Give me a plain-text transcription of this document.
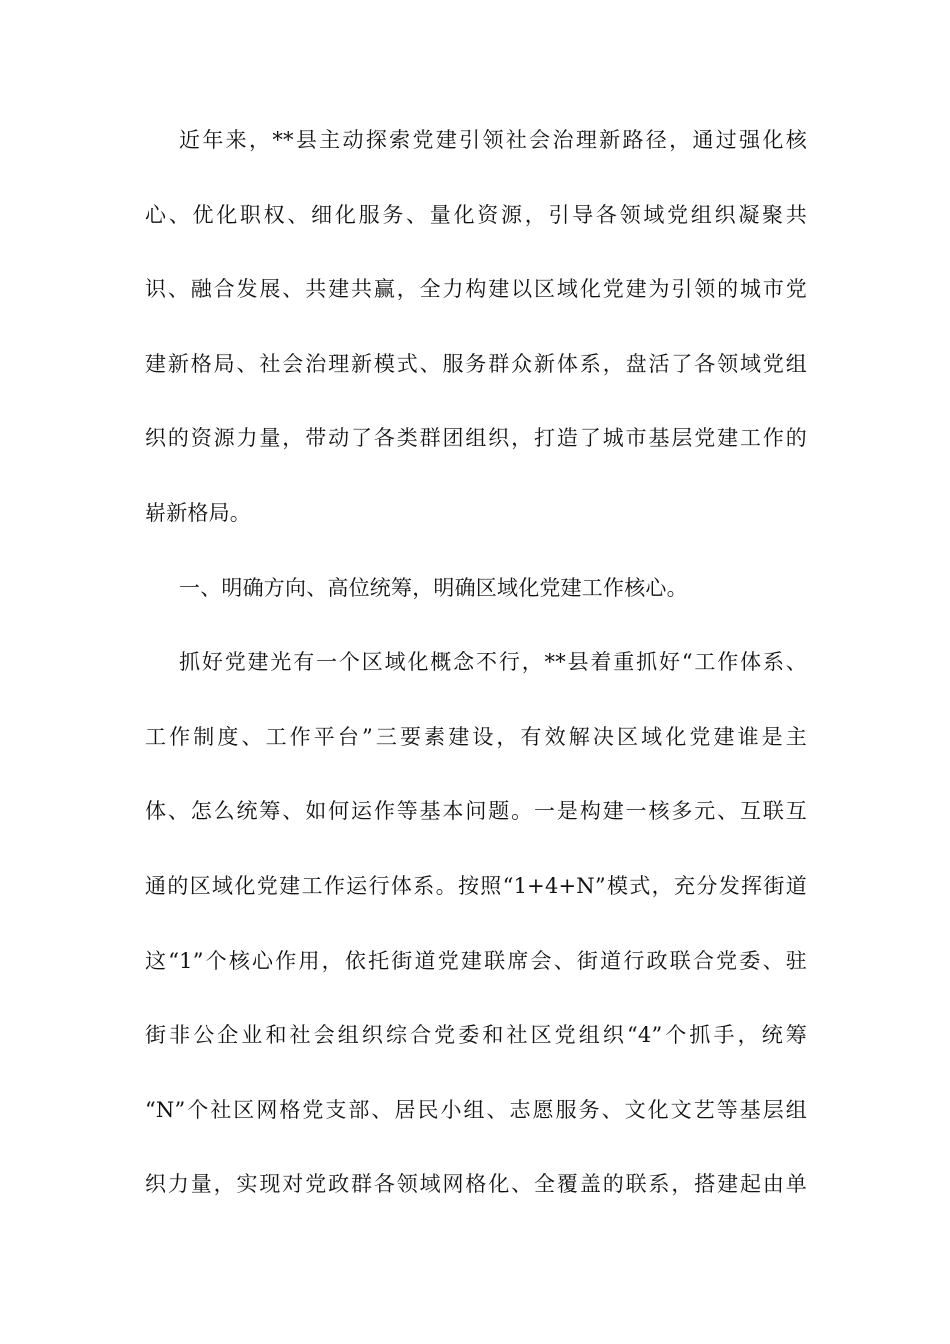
近年来，**县主动探索党建引领社会治理新路径，通过强化核
心、优化职权、细化服务、量化资源，引导各领域党组织凝聚共
识、融合发展、共建共赢，全力构建以区域化党建为引领的城市党
建新格局、社会治理新模式、服务群众新体系，盘活了各领域党组
织的资源力量，带动了各类群团组织，打造了城市基层党建工作的
崭新格局。
一、明确方向、高位统筹，明确区域化党建工作核心。
抓好党建光有一个区域化概念不行，**县着重抓好“工作体系、
工作制度、工作平台”三要素建设，有效解决区域化党建谁是主
体、怎么统筹、如何运作等基本问题。一是构建一核多元、互联互
通的区域化党建工作运行体系。按照“1+4+N”模式，充分发挥街道
这“1”个核心作用，依托街道党建联席会、街道行政联合党委、驻
街非公企业和社会组织综合党委和社区党组织“4”个抓手，统筹
“N”个社区网格党支部、居民小组、志愿服务、文化文艺等基层组
织力量，实现对党政群各领域网格化、全覆盖的联系，搭建起由单
